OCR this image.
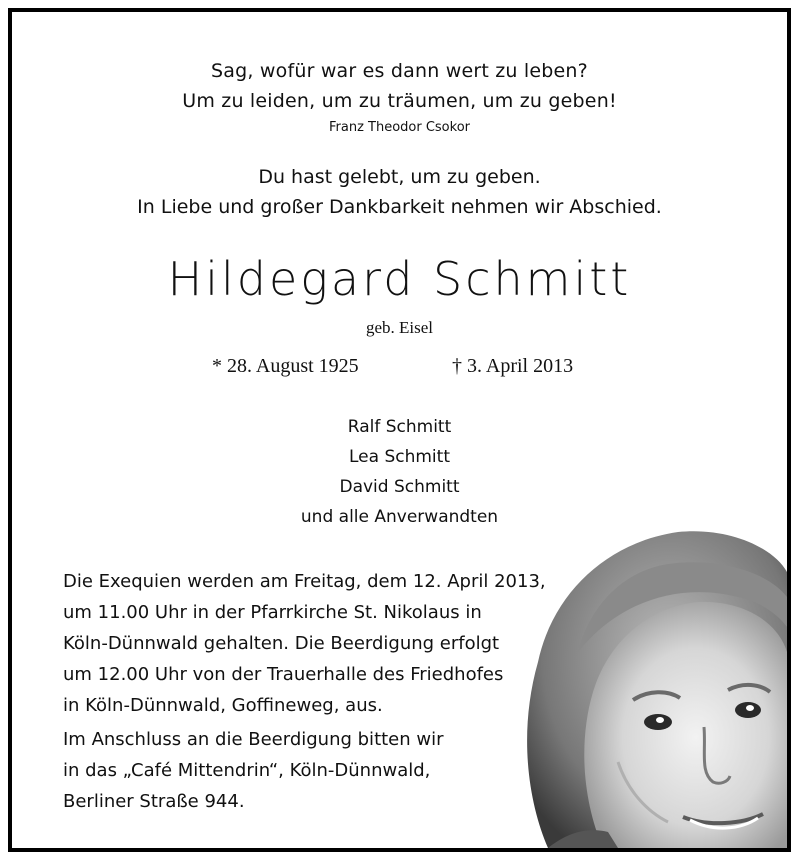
Sag, wofür war es dann wert zu leben?
Um zu leiden, um zu träumen, um zu geben!
Franz Theodor Csokor
Du hast gelebt, um zu geben.
In Liebe und großer Dankbarkeit nehmen wir Abschied.
Hildegard Schmitt
geb. Eisel
* 28. August 1925	† 3. April 2013
Ralf Schmitt
Lea Schmitt
David Schmitt
und alle Anverwandten
Die Exequien werden am Freitag, dem 12. April 2013,
um 11.00 Uhr in der Pfarrkirche St. Nikolaus in
Köln-Dünnwald gehalten. Die Beerdigung erfolgt
um 12.00 Uhr von der Trauerhalle des Friedhofes
in Köln-Dünnwald, Goffineweg, aus.
Im Anschluss an die Beerdigung bitten wir
in das „Café Mittendrin“, Köln-Dünnwald,
Berliner Straße 944.
